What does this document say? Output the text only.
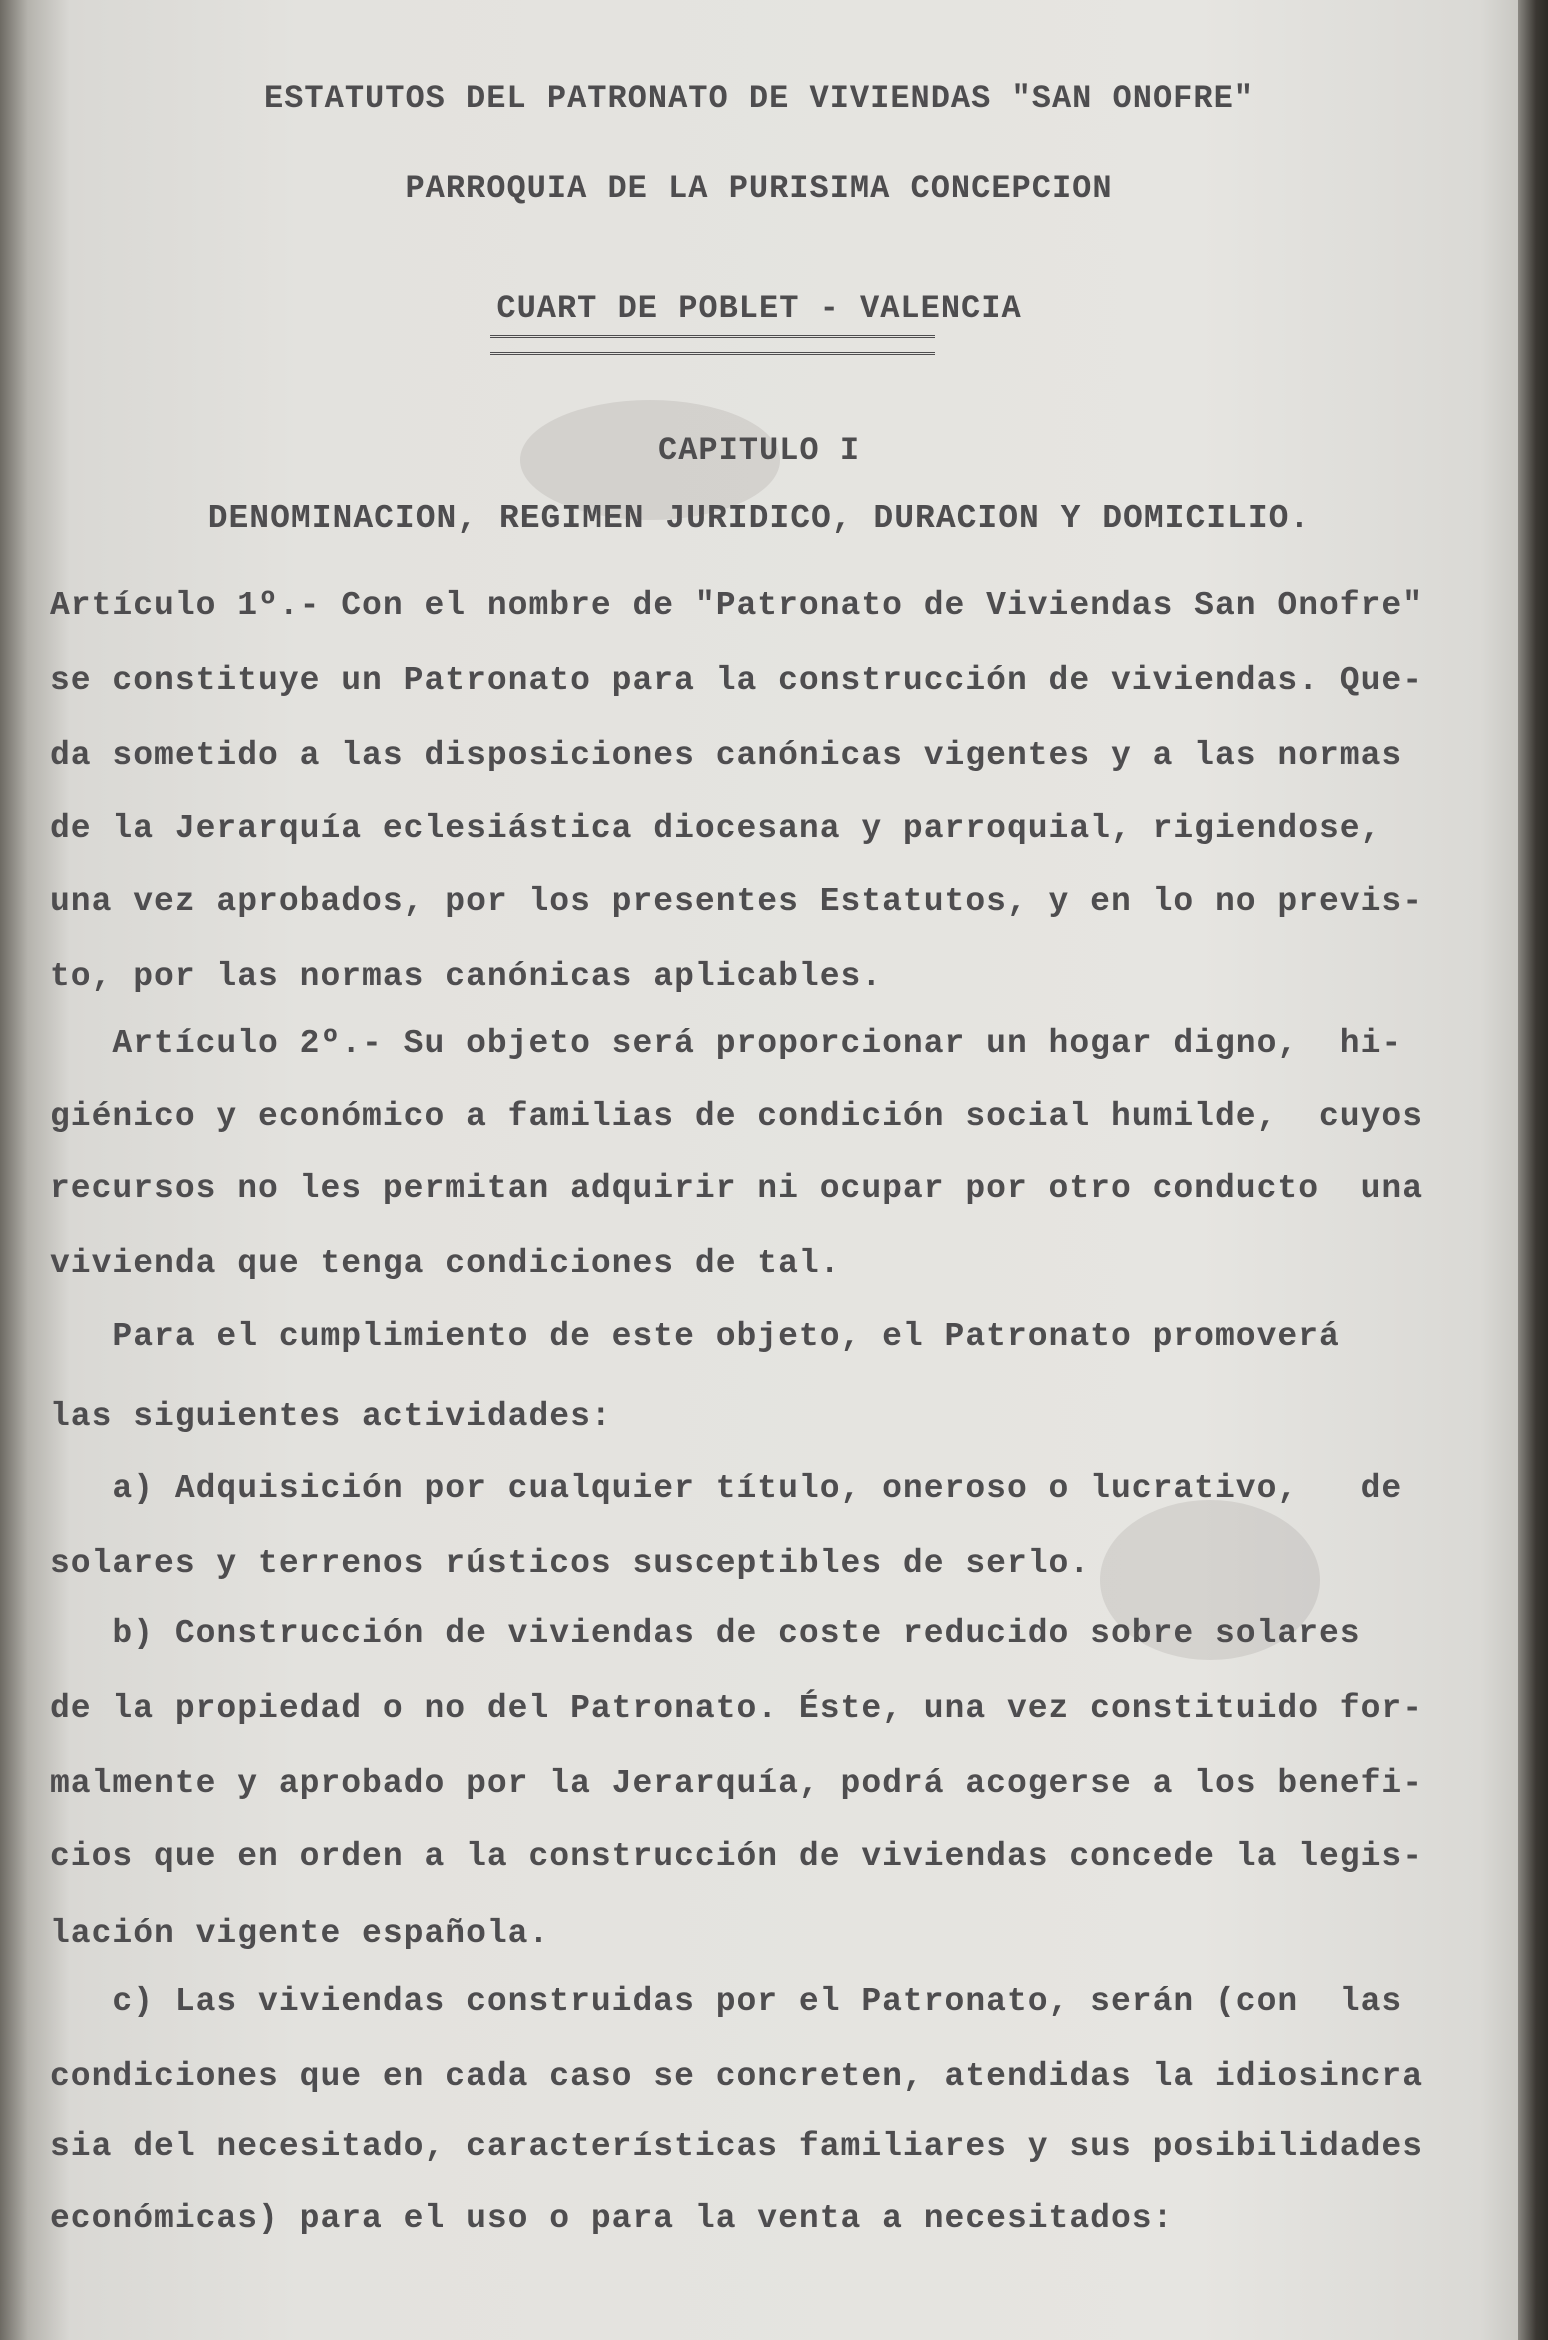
ESTATUTOS DEL PATRONATO DE VIVIENDAS "SAN ONOFRE"
PARROQUIA DE LA PURISIMA CONCEPCION
CUART DE POBLET - VALENCIA
CAPITULO I
DENOMINACION, REGIMEN JURIDICO, DURACION Y DOMICILIO.
Artículo 1º.- Con el nombre de "Patronato de Viviendas San Onofre"
se constituye un Patronato para la construcción de viviendas. Que-
da sometido a las disposiciones canónicas vigentes y a las normas
de la Jerarquía eclesiástica diocesana y parroquial, rigiendose,
una vez aprobados, por los presentes Estatutos, y en lo no previs-
to, por las normas canónicas aplicables.
Artículo 2º.- Su objeto será proporcionar un hogar digno,  hi-
giénico y económico a familias de condición social humilde,  cuyos
recursos no les permitan adquirir ni ocupar por otro conducto  una
vivienda que tenga condiciones de tal.
Para el cumplimiento de este objeto, el Patronato promoverá
las siguientes actividades:
a) Adquisición por cualquier título, oneroso o lucrativo,   de
solares y terrenos rústicos susceptibles de serlo.
b) Construcción de viviendas de coste reducido sobre solares
de la propiedad o no del Patronato. Éste, una vez constituido for-
malmente y aprobado por la Jerarquía, podrá acogerse a los benefi-
cios que en orden a la construcción de viviendas concede la legis-
lación vigente española.
c) Las viviendas construidas por el Patronato, serán (con  las
condiciones que en cada caso se concreten, atendidas la idiosincra
sia del necesitado, características familiares y sus posibilidades
económicas) para el uso o para la venta a necesitados:
